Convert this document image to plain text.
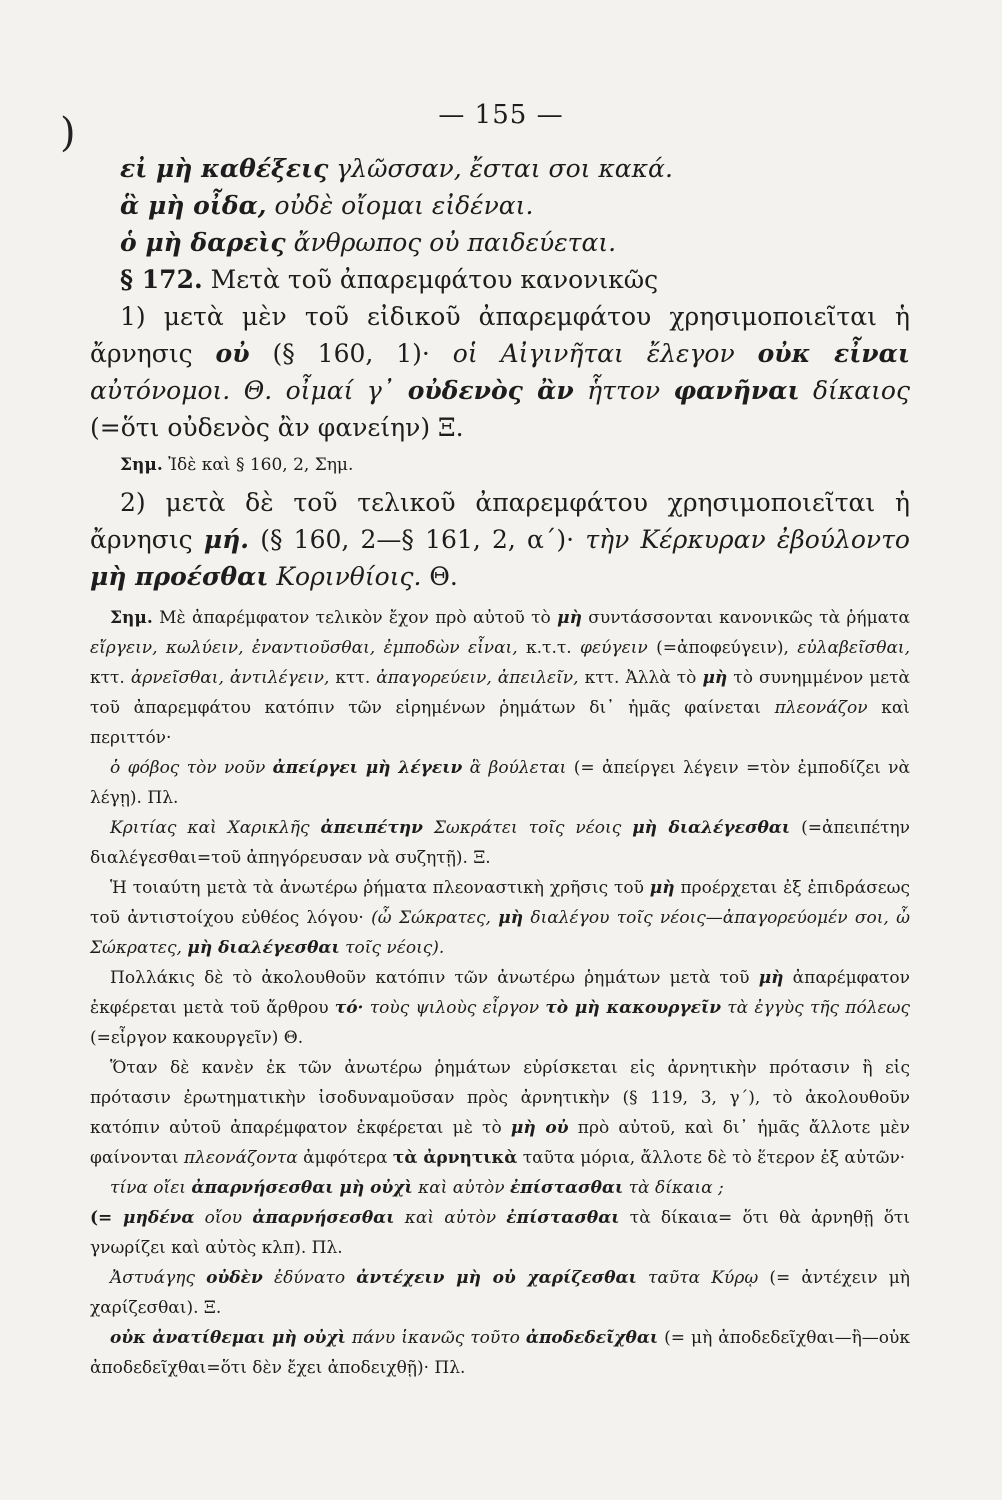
)	— 155 —

εἰ μὴ καθέξεις γλῶσσαν, ἔσται σοι κακά.

ἃ μὴ οἶδα, οὐδὲ οἴομαι εἰδέναι.

ὁ μὴ δαρεὶς ἄνθρωπος οὐ παιδεύεται.

§ 172. Μετὰ τοῦ ἀπαρεμφάτου κανονικῶς

1) μετὰ μὲν τοῦ εἰδικοῦ ἀπαρεμφάτου χρησιμοποιεῖται ἡ ἄρνησις οὐ (§ 160, 1)· οἱ Αἰγινῆται ἔλεγον οὐκ εἶναι αὐτόνομοι. Θ. οἶμαί γ᾽ οὐδενὸς ἂν ἧττον φανῆναι δίκαιος (=ὅτι οὐδενὸς ἂν φανείην) Ξ.

Σημ. Ἰδὲ καὶ § 160, 2, Σημ.

2) μετὰ δὲ τοῦ τελικοῦ ἀπαρεμφάτου χρησιμοποιεῖται ἡ ἄρνησις μή. (§ 160, 2—§ 161, 2, α΄)· τὴν Κέρκυραν ἐβούλοντο μὴ προέσθαι Κορινθίοις. Θ.

Σημ. Μὲ ἀπαρέμφατον τελικὸν ἔχον πρὸ αὐτοῦ τὸ μὴ συντάσσονται κανονικῶς τὰ ῥήματα εἴργειν, κωλύειν, ἐναντιοῦσθαι, ἐμποδὼν εἶναι, κ.τ.τ. φεύγειν (=ἀποφεύγειν), εὐλαβεῖσθαι, κττ. ἀρνεῖσθαι, ἀντιλέγειν, κττ. ἀπαγορεύειν, ἀπειλεῖν, κττ. Ἀλλὰ τὸ μὴ τὸ συνημμένον μετὰ τοῦ ἀπαρεμφάτου κατόπιν τῶν εἰρημένων ῥημάτων δι᾽ ἡμᾶς φαίνεται πλεονάζον καὶ περιττόν·

ὁ φόβος τὸν νοῦν ἀπείργει μὴ λέγειν ἃ βούλεται (= ἀπείργει λέγειν =τὸν ἐμποδίζει νὰ λέγῃ). Πλ.

Κριτίας καὶ Χαρικλῆς ἀπειπέτην Σωκράτει τοῖς νέοις μὴ διαλέγεσθαι (=ἀπειπέτην διαλέγεσθαι=τοῦ ἀπηγόρευσαν νὰ συζητῇ). Ξ.

Ἡ τοιαύτη μετὰ τὰ ἀνωτέρω ῥήματα πλεοναστικὴ χρῆσις τοῦ μὴ προέρχεται ἐξ ἐπιδράσεως τοῦ ἀντιστοίχου εὐθέος λόγου· (ὦ Σώκρατες, μὴ διαλέγου τοῖς νέοις—ἀπαγορεύομέν σοι, ὦ Σώκρατες, μὴ διαλέγεσθαι τοῖς νέοις).

Πολλάκις δὲ τὸ ἀκολουθοῦν κατόπιν τῶν ἀνωτέρω ῥημάτων μετὰ τοῦ μὴ ἀπαρέμφατον ἐκφέρεται μετὰ τοῦ ἄρθρου τό· τοὺς ψιλοὺς εἶργον τὸ μὴ κακουργεῖν τὰ ἐγγὺς τῆς πόλεως (=εἶργον κακουργεῖν) Θ.

Ὅταν δὲ κανὲν ἐκ τῶν ἀνωτέρω ῥημάτων εὑρίσκεται εἰς ἀρνητικὴν πρότασιν ἢ εἰς πρότασιν ἐρωτηματικὴν ἰσοδυναμοῦσαν πρὸς ἀρνητικὴν (§ 119, 3, γ΄), τὸ ἀκολουθοῦν κατόπιν αὐτοῦ ἀπαρέμφατον ἐκφέρεται μὲ τὸ μὴ οὐ πρὸ αὐτοῦ, καὶ δι᾽ ἡμᾶς ἄλλοτε μὲν φαίνονται πλεονάζοντα ἀμφότερα τὰ ἀρνητικὰ ταῦτα μόρια, ἄλλοτε δὲ τὸ ἕτερον ἐξ αὐτῶν·

τίνα οἴει ἀπαρνήσεσθαι μὴ οὐχὶ καὶ αὐτὸν ἐπίστασθαι τὰ δίκαια ;
(= μηδένα οἴου ἀπαρνήσεσθαι καὶ αὐτὸν ἐπίστασθαι τὰ δίκαια= ὅτι θὰ ἀρνηθῇ ὅτι γνωρίζει καὶ αὐτὸς κλπ). Πλ.

Ἀστυάγης οὐδὲν ἐδύνατο ἀντέχειν μὴ οὐ χαρίζεσθαι ταῦτα Κύρῳ (= ἀντέχειν μὴ χαρίζεσθαι). Ξ.

οὐκ ἀνατίθεμαι μὴ οὐχὶ πάνυ ἱκανῶς τοῦτο ἀποδεδεῖχθαι (= μὴ ἀποδεδεῖχθαι—ἢ—οὐκ ἀποδεδεῖχθαι=ὅτι δὲν ἔχει ἀποδειχθῇ)· Πλ.
